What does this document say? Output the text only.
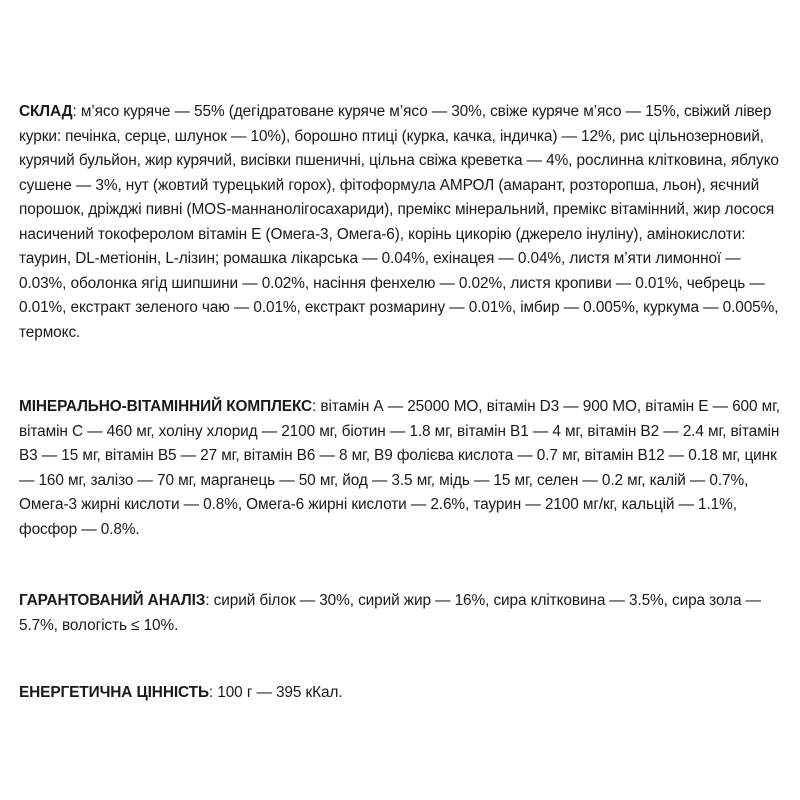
СКЛАД: м’ясо куряче — 55% (дегідратоване куряче м’ясо — 30%, свіже куряче м’ясо — 15%, свіжий лівер курки: печінка, серце, шлунок — 10%), борошно птиці (курка, качка, індичка) — 12%, рис цільнозерновий, курячий бульйон, жир курячий, висівки пшеничні, цільна свіжа креветка — 4%, рослинна клітковина, яблуко сушене — 3%, нут (жовтий турецький горох), фітоформула АМРОЛ (амарант, розторопша, льон), яєчний порошок, дріжджі пивні (MOS-маннанолігосахариди), премікс мінеральний, премікс вітамінний, жир лосося насичений токоферолом вітамін Е (Омега-3, Омега-6), корінь цикорію (джерело інуліну), амінокислоти: таурин, DL-метіонін, L-лізин; ромашка лікарська — 0.04%, ехінацея — 0.04%, листя м’яти лимонної — 0.03%, оболонка ягід шипшини — 0.02%, насіння фенхелю — 0.02%, листя кропиви — 0.01%, чебрець — 0.01%, екстракт зеленого чаю — 0.01%, екстракт розмарину — 0.01%, імбир — 0.005%, куркума — 0.005%, термокс.

МІНЕРАЛЬНО-ВІТАМІННИЙ КОМПЛЕКС: вітамін А — 25000 МО, вітамін D3 — 900 МО, вітамін Е — 600 мг, вітамін С — 460 мг, холіну хлорид — 2100 мг, біотин — 1.8 мг, вітамін В1 — 4 мг, вітамін В2 — 2.4 мг, вітамін В3 — 15 мг, вітамін В5 — 27 мг, вітамін В6 — 8 мг, В9 фолієва кислота — 0.7 мг, вітамін В12 — 0.18 мг, цинк — 160 мг, залізо — 70 мг, марганець — 50 мг, йод — 3.5 мг, мідь — 15 мг, селен — 0.2 мг, калій — 0.7%, Омега-3 жирні кислоти — 0.8%, Омега-6 жирні кислоти — 2.6%, таурин — 2100 мг/кг, кальцій — 1.1%, фосфор — 0.8%.

ГАРАНТОВАНИЙ АНАЛІЗ: сирий білок — 30%, сирий жир — 16%, сира клітковина — 3.5%, сира зола — 5.7%, вологість ≤ 10%.

ЕНЕРГЕТИЧНА ЦІННІСТЬ: 100 г — 395 кКал.
